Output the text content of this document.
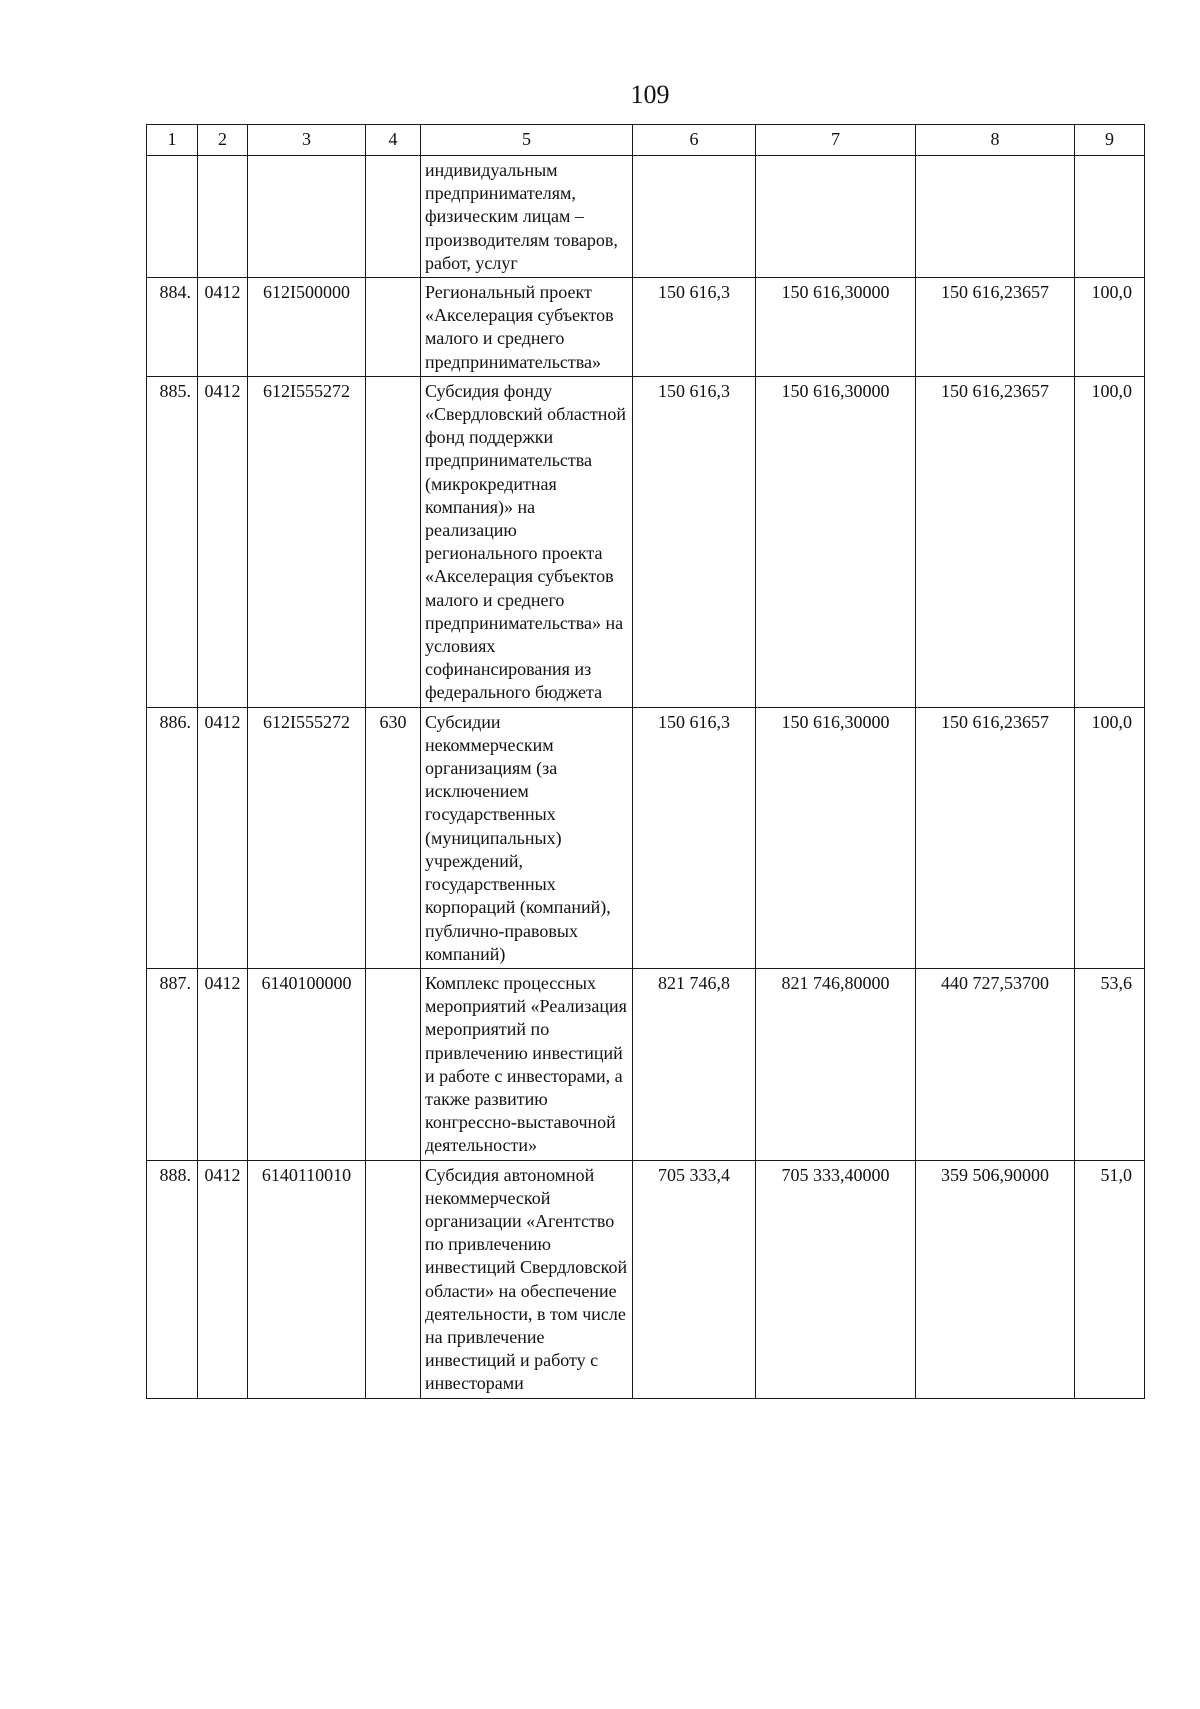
109
1	2	3	4	5	6	7	8	9
				индивидуальным предпринимателям, физическим лицам – производителям товаров, работ, услуг				
884.	0412	612I500000		Региональный проект «Акселерация субъектов малого и среднего предпринимательства»	150 616,3	150 616,30000	150 616,23657	100,0
885.	0412	612I555272		Субсидия фонду «Свердловский областной фонд поддержки предпринимательства (микрокредитная компания)» на реализацию регионального проекта «Акселерация субъектов малого и среднего предпринимательства» на условиях софинансирования из федерального бюджета	150 616,3	150 616,30000	150 616,23657	100,0
886.	0412	612I555272	630	Субсидии некоммерческим организациям (за исключением государственных (муниципальных) учреждений, государственных корпораций (компаний), публично-правовых компаний)	150 616,3	150 616,30000	150 616,23657	100,0
887.	0412	6140100000		Комплекс процессных мероприятий «Реализация мероприятий по привлечению инвестиций и работе с инвесторами, а также развитию конгрессно-выставочной деятельности»	821 746,8	821 746,80000	440 727,53700	53,6
888.	0412	6140110010		Субсидия автономной некоммерческой организации «Агентство по привлечению инвестиций Свердловской области» на обеспечение деятельности, в том числе на привлечение инвестиций и работу с инвесторами	705 333,4	705 333,40000	359 506,90000	51,0
